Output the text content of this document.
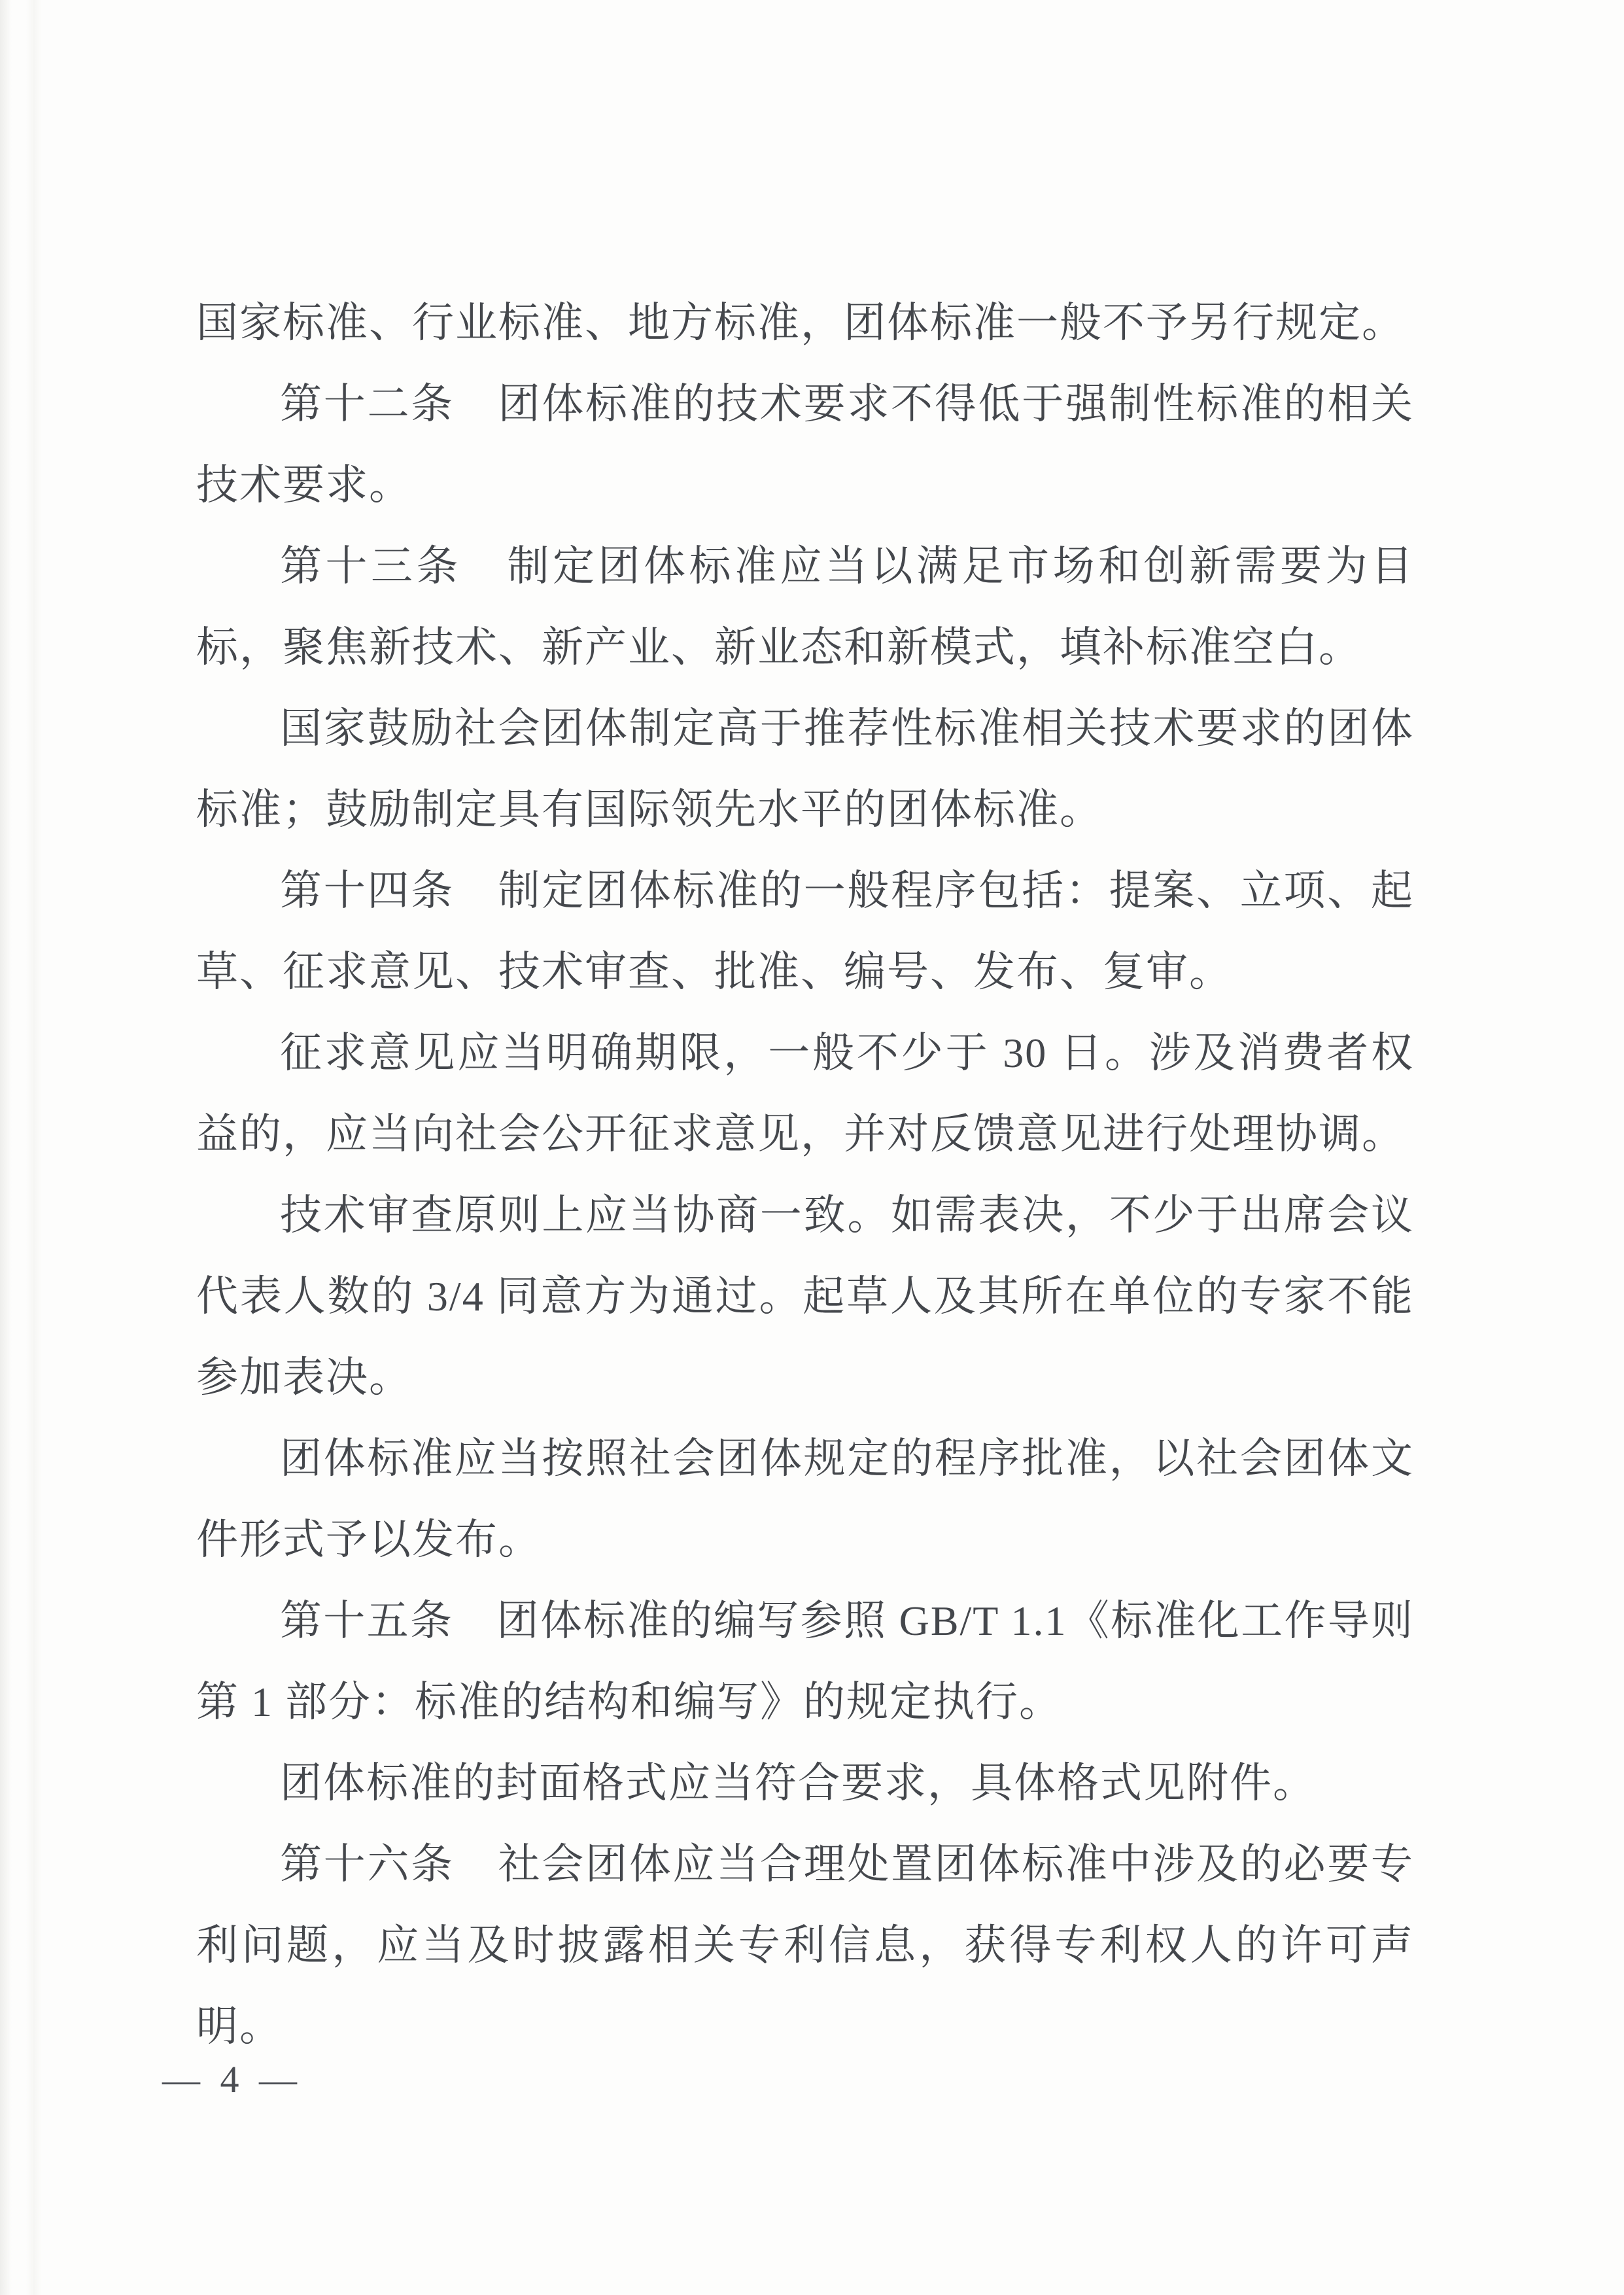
国家标准、行业标准、地方标准，团体标准一般不予另行规定。

第十二条　团体标准的技术要求不得低于强制性标准的相关技术要求。

第十三条　制定团体标准应当以满足市场和创新需要为目标，聚焦新技术、新产业、新业态和新模式，填补标准空白。

国家鼓励社会团体制定高于推荐性标准相关技术要求的团体标准；鼓励制定具有国际领先水平的团体标准。

第十四条　制定团体标准的一般程序包括：提案、立项、起草、征求意见、技术审查、批准、编号、发布、复审。

征求意见应当明确期限，一般不少于 30 日。涉及消费者权益的，应当向社会公开征求意见，并对反馈意见进行处理协调。

技术审查原则上应当协商一致。如需表决，不少于出席会议代表人数的 3/4 同意方为通过。起草人及其所在单位的专家不能参加表决。

团体标准应当按照社会团体规定的程序批准，以社会团体文件形式予以发布。

第十五条　团体标准的编写参照 GB/T 1.1《标准化工作导则 第 1 部分：标准的结构和编写》的规定执行。

团体标准的封面格式应当符合要求，具体格式见附件。

第十六条　社会团体应当合理处置团体标准中涉及的必要专利问题，应当及时披露相关专利信息，获得专利权人的许可声明。

— 4 —
